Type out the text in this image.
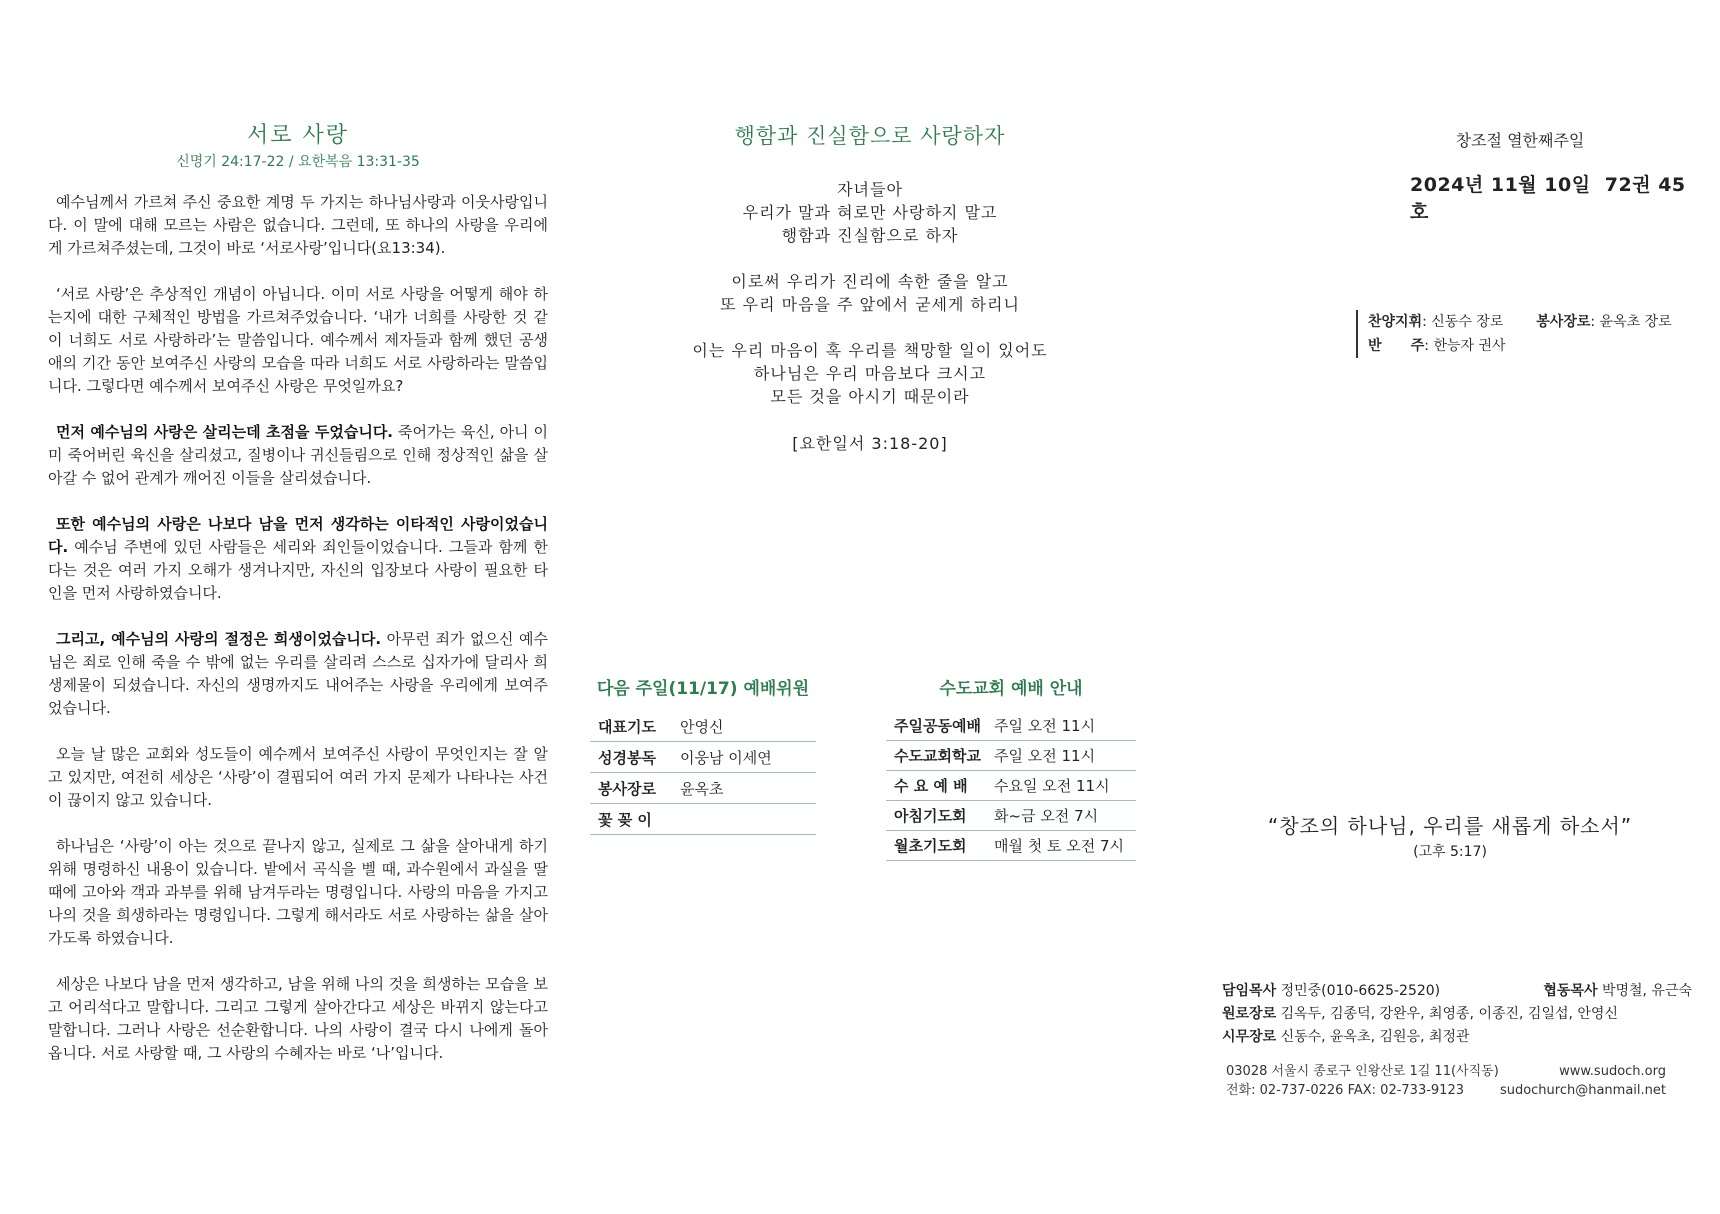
서로 사랑
신명기 24:17-22 / 요한복음 13:31-35

예수님께서 가르쳐 주신 중요한 계명 두 가지는 하나님사랑과 이웃사랑입니다. 이 말에 대해 모르는 사람은 없습니다. 그런데, 또 하나의 사랑을 우리에게 가르쳐주셨는데, 그것이 바로 ‘서로사랑’입니다(요13:34).

‘서로 사랑’은 추상적인 개념이 아닙니다. 이미 서로 사랑을 어떻게 해야 하는지에 대한 구체적인 방법을 가르쳐주었습니다. ‘내가 너희를 사랑한 것 같이 너희도 서로 사랑하라’는 말씀입니다. 예수께서 제자들과 함께 했던 공생애의 기간 동안 보여주신 사랑의 모습을 따라 너희도 서로 사랑하라는 말씀입니다. 그렇다면 예수께서 보여주신 사랑은 무엇일까요?

먼저 예수님의 사랑은 살리는데 초점을 두었습니다. 죽어가는 육신, 아니 이미 죽어버린 육신을 살리셨고, 질병이나 귀신들림으로 인해 정상적인 삶을 살아갈 수 없어 관계가 깨어진 이들을 살리셨습니다.

또한 예수님의 사랑은 나보다 남을 먼저 생각하는 이타적인 사랑이었습니다. 예수님 주변에 있던 사람들은 세리와 죄인들이었습니다. 그들과 함께 한다는 것은 여러 가지 오해가 생겨나지만, 자신의 입장보다 사랑이 필요한 타인을 먼저 사랑하였습니다.

그리고, 예수님의 사랑의 절정은 희생이었습니다. 아무런 죄가 없으신 예수님은 죄로 인해 죽을 수 밖에 없는 우리를 살리려 스스로 십자가에 달리사 희생제물이 되셨습니다. 자신의 생명까지도 내어주는 사랑을 우리에게 보여주었습니다.

오늘 날 많은 교회와 성도들이 예수께서 보여주신 사랑이 무엇인지는 잘 알고 있지만, 여전히 세상은 ‘사랑’이 결핍되어 여러 가지 문제가 나타나는 사건이 끊이지 않고 있습니다.

하나님은 ‘사랑’이 아는 것으로 끝나지 않고, 실제로 그 삶을 살아내게 하기 위해 명령하신 내용이 있습니다. 밭에서 곡식을 벨 때, 과수원에서 과실을 딸 때에 고아와 객과 과부를 위해 남겨두라는 명령입니다. 사랑의 마음을 가지고 나의 것을 희생하라는 명령입니다. 그렇게 해서라도 서로 사랑하는 삶을 살아가도록 하였습니다.

세상은 나보다 남을 먼저 생각하고, 남을 위해 나의 것을 희생하는 모습을 보고 어리석다고 말합니다. 그리고 그렇게 살아간다고 세상은 바뀌지 않는다고 말합니다. 그러나 사랑은 선순환합니다. 나의 사랑이 결국 다시 나에게 돌아옵니다. 서로 사랑할 때, 그 사랑의 수혜자는 바로 ‘나’입니다.

행함과 진실함으로 사랑하자
자녀들아
우리가 말과 혀로만 사랑하지 말고
행함과 진실함으로 하자
이로써 우리가 진리에 속한 줄을 알고
또 우리 마음을 주 앞에서 굳세게 하리니
이는 우리 마음이 혹 우리를 책망할 일이 있어도
하나님은 우리 마음보다 크시고
모든 것을 아시기 때문이라
[요한일서 3:18-20]
다음 주일(11/17) 예배위원
대표기도	안영신
성경봉독	이웅남 이세연
봉사장로	윤옥초
꽃 꽂 이
수도교회 예배 안내
주일공동예배 주일 오전 11시
수도교회학교 주일 오전 11시
수 요 예 배	수요일 오전 11시
아침기도회	화~금 오전 7시
월초기도회	매월 첫 토 오전 7시
창조절 열한째주일
2024년 11월 10일 72권 45호
찬양지휘: 신동수 장로 봉사장로: 윤옥초 장로
반      주: 한능자 권사
“창조의 하나님, 우리를 새롭게 하소서”
(고후 5:17)
담임목사 정민중(010-6625-2520)	협동목사 박명철, 유근숙
원로장로 김옥두, 김종덕, 강완우, 최영종, 이종진, 김일섭, 안영신
시무장로 신동수, 윤옥초, 김원응, 최정관
03028 서울시 종로구 인왕산로 1길 11(사직동)	www.sudoch.org
전화: 02-737-0226 FAX: 02-733-9123	sudochurch@hanmail.net
